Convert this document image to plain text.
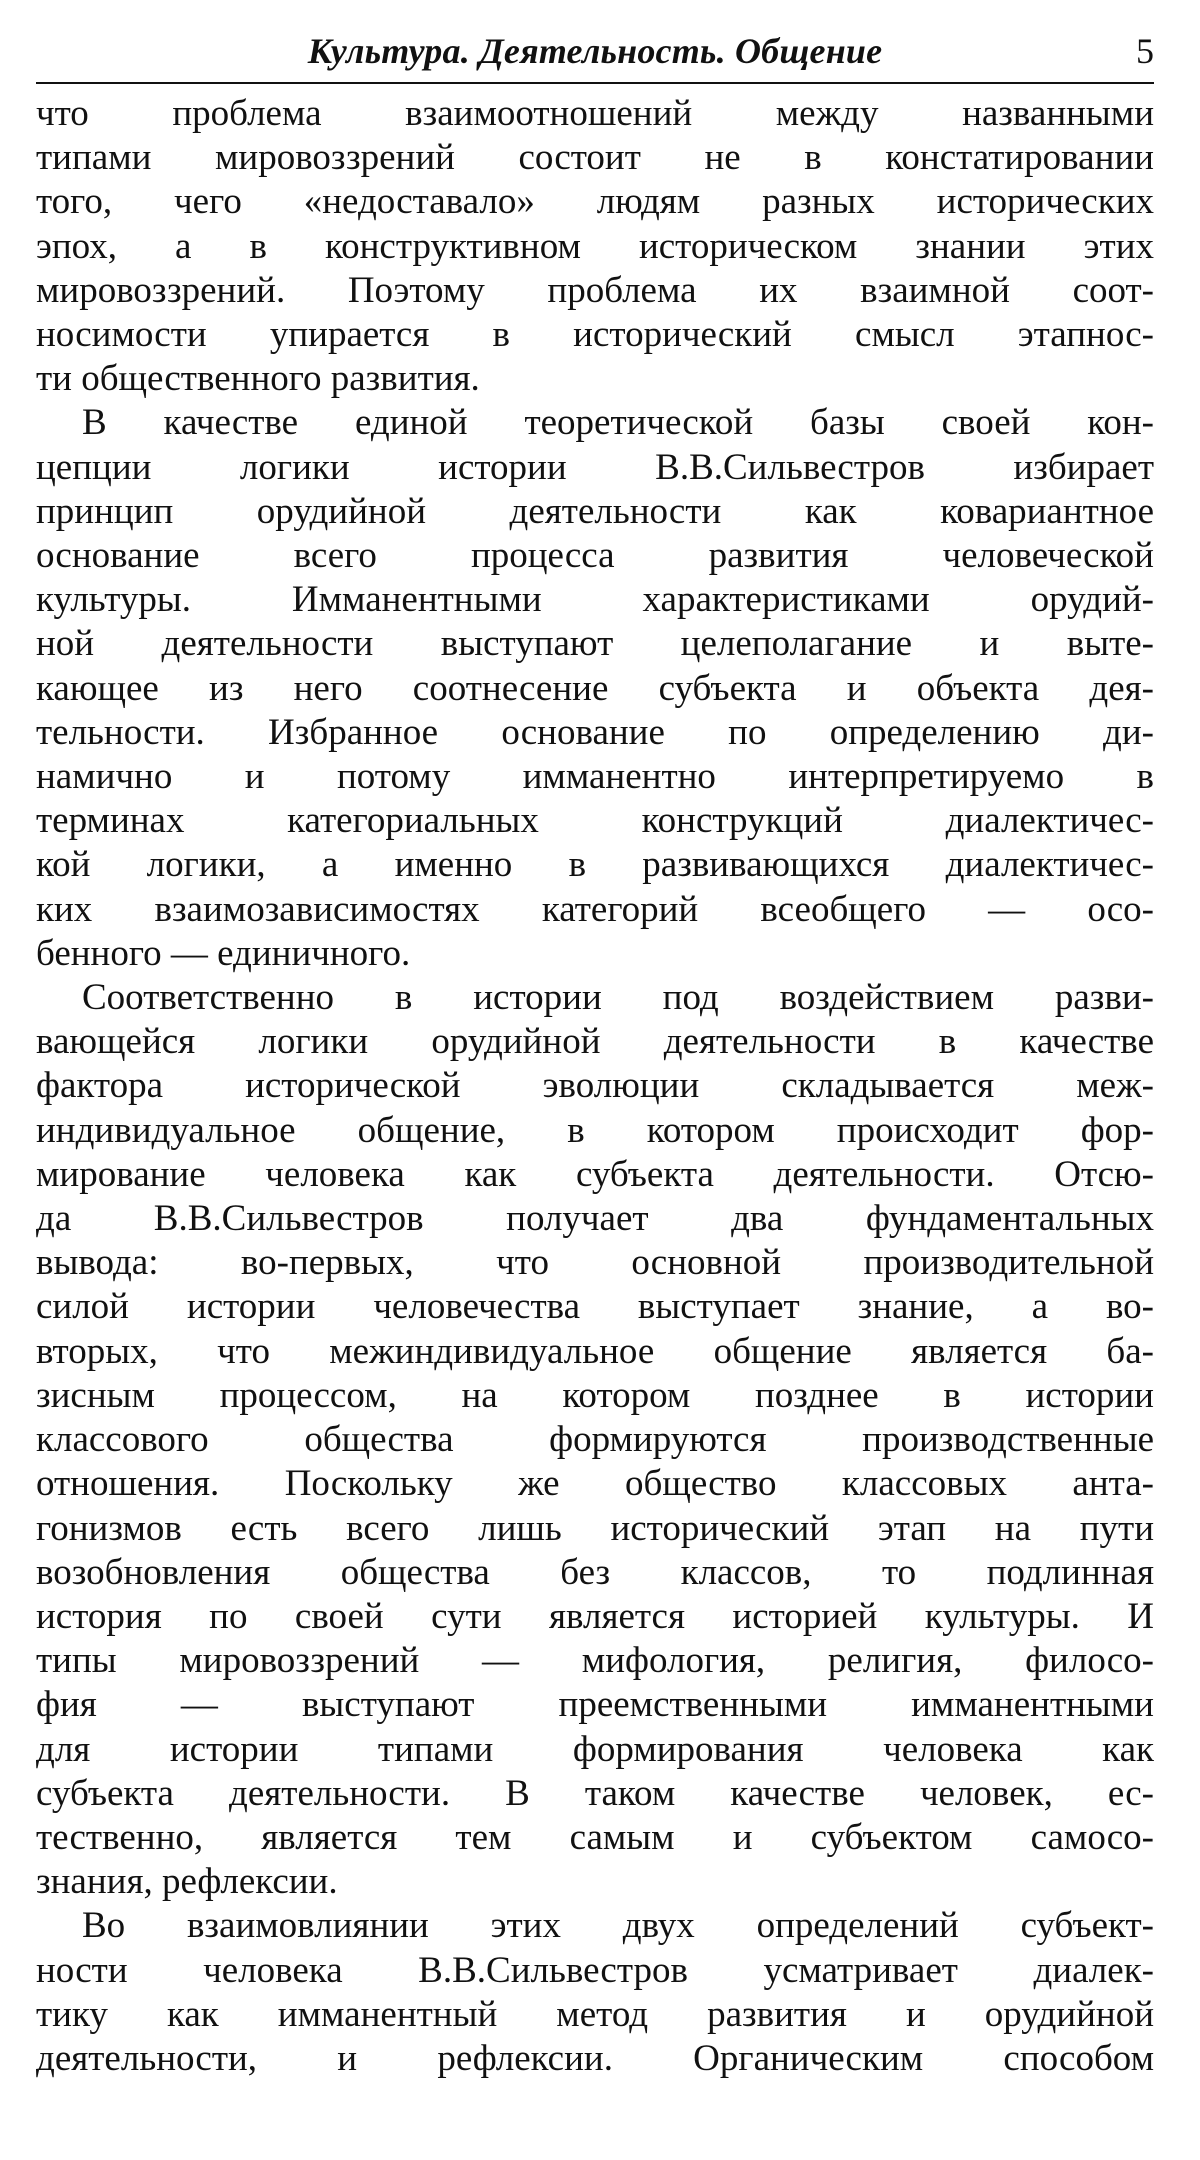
Культура. Деятельность. Общение	5
что проблема взаимоотношений между названными
типами мировоззрений состоит не в констатировании
того, чего «недоставало» людям разных исторических
эпох, а в конструктивном историческом знании этих
мировоззрений. Поэтому проблема их взаимной соот-
носимости упирается в исторический смысл этапнос-
ти общественного развития.
В качестве единой теоретической базы своей кон-
цепции логики истории В.В.Сильвестров избирает
принцип орудийной деятельности как ковариантное
основание всего процесса развития человеческой
культуры. Имманентными характеристиками орудий-
ной деятельности выступают целеполагание и выте-
кающее из него соотнесение субъекта и объекта дея-
тельности. Избранное основание по определению ди-
намично и потому имманентно интерпретируемо в
терминах категориальных конструкций диалектичес-
кой логики, а именно в развивающихся диалектичес-
ких взаимозависимостях категорий всеобщего — осо-
бенного — единичного.
Соответственно в истории под воздействием разви-
вающейся логики орудийной деятельности в качестве
фактора исторической эволюции складывается меж-
индивидуальное общение, в котором происходит фор-
мирование человека как субъекта деятельности. Отсю-
да В.В.Сильвестров получает два фундаментальных
вывода: во-первых, что основной производительной
силой истории человечества выступает знание, а во-
вторых, что межиндивидуальное общение является ба-
зисным процессом, на котором позднее в истории
классового общества формируются производственные
отношения. Поскольку же общество классовых анта-
гонизмов есть всего лишь исторический этап на пути
возобновления общества без классов, то подлинная
история по своей сути является историей культуры. И
типы мировоззрений — мифология, религия, филосо-
фия — выступают преемственными имманентными
для истории типами формирования человека как
субъекта деятельности. В таком качестве человек, ес-
тественно, является тем самым и субъектом самосо-
знания, рефлексии.
Во взаимовлиянии этих двух определений субъект-
ности человека В.В.Сильвестров усматривает диалек-
тику как имманентный метод развития и орудийной
деятельности, и рефлексии. Органическим способом
